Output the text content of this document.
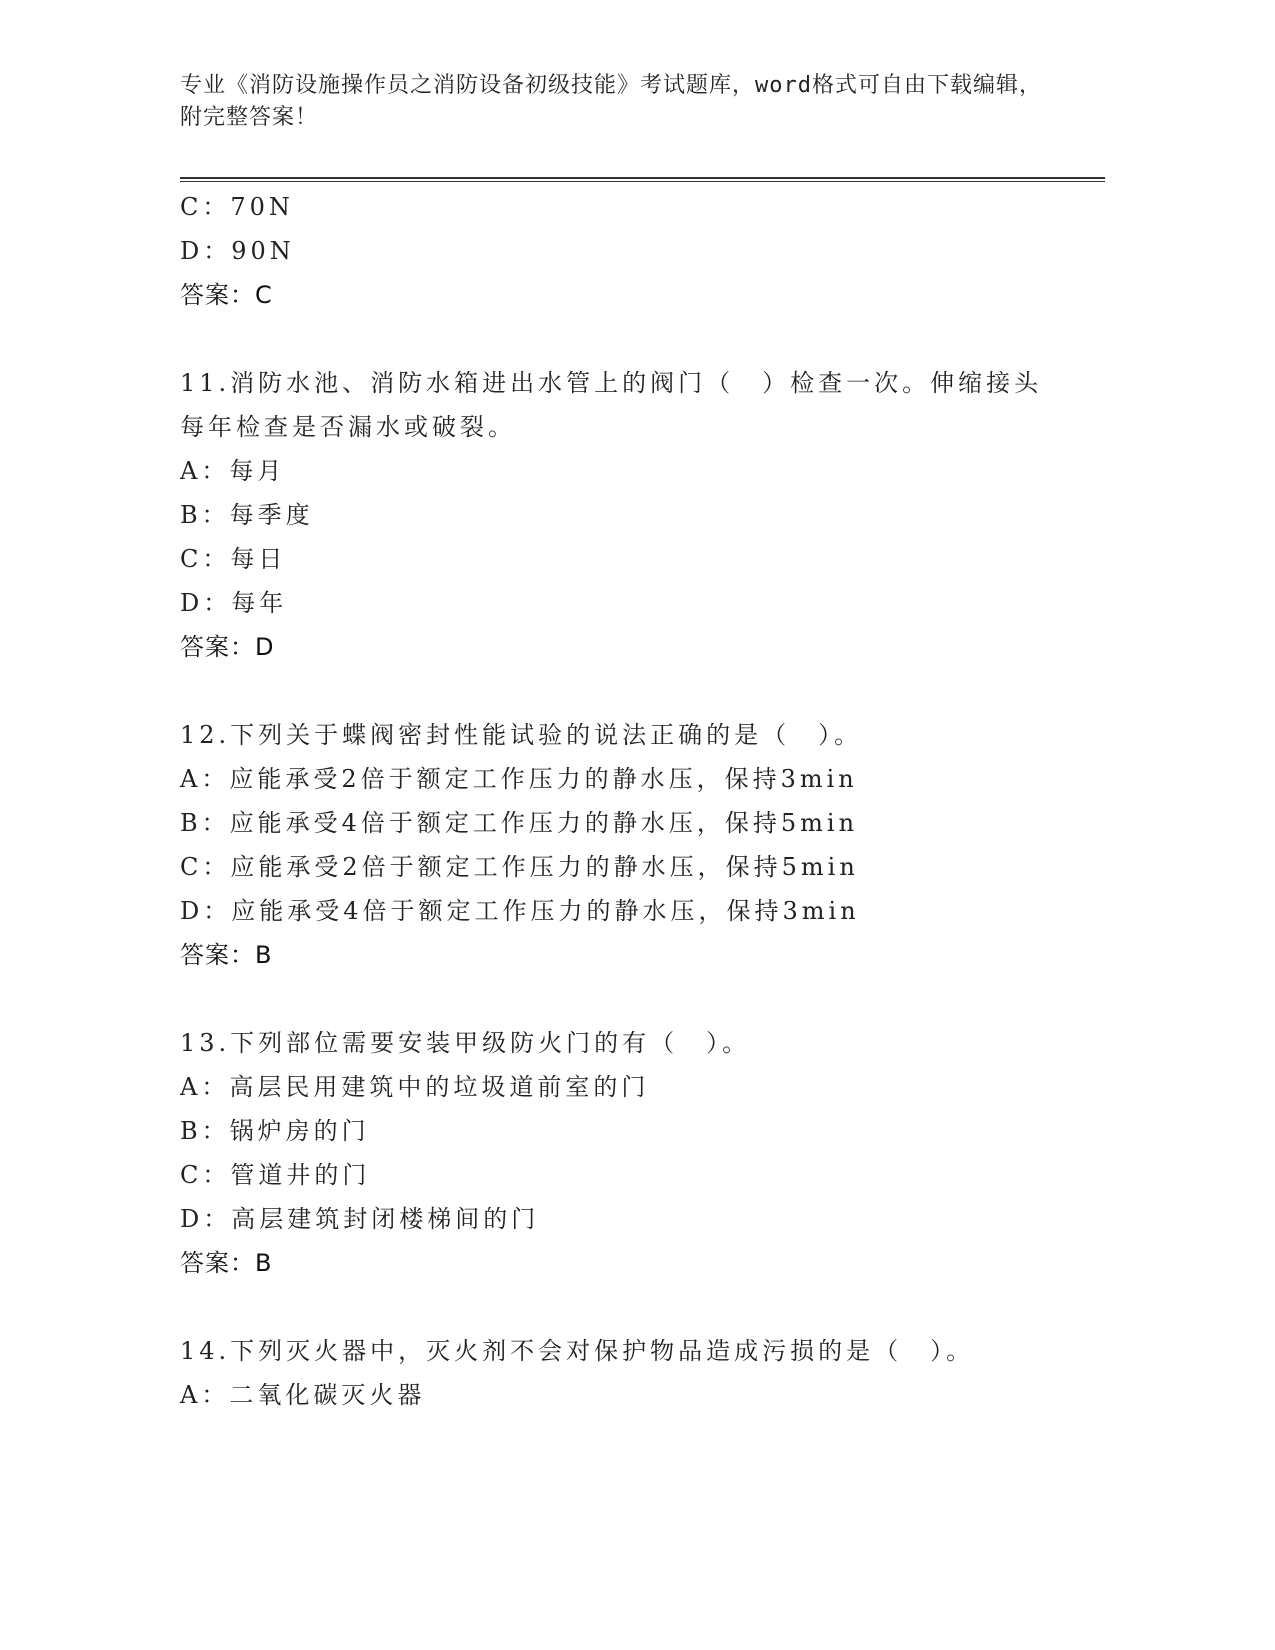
专业《消防设施操作员之消防设备初级技能》考试题库，word格式可自由下载编辑，附完整答案！
C：70N
D：90N
答案：C
11.消防水池、消防水箱进出水管上的阀门（　）检查一次。伸缩接头
每年检查是否漏水或破裂。
A：每月
B：每季度
C：每日
D：每年
答案：D
12.下列关于蝶阀密封性能试验的说法正确的是（　）。
A：应能承受2倍于额定工作压力的静水压，保持3min
B：应能承受4倍于额定工作压力的静水压，保持5min
C：应能承受2倍于额定工作压力的静水压，保持5min
D：应能承受4倍于额定工作压力的静水压，保持3min
答案：B
13.下列部位需要安装甲级防火门的有（　）。
A：高层民用建筑中的垃圾道前室的门
B：锅炉房的门
C：管道井的门
D：高层建筑封闭楼梯间的门
答案：B
14.下列灭火器中，灭火剂不会对保护物品造成污损的是（　）。
A：二氧化碳灭火器
